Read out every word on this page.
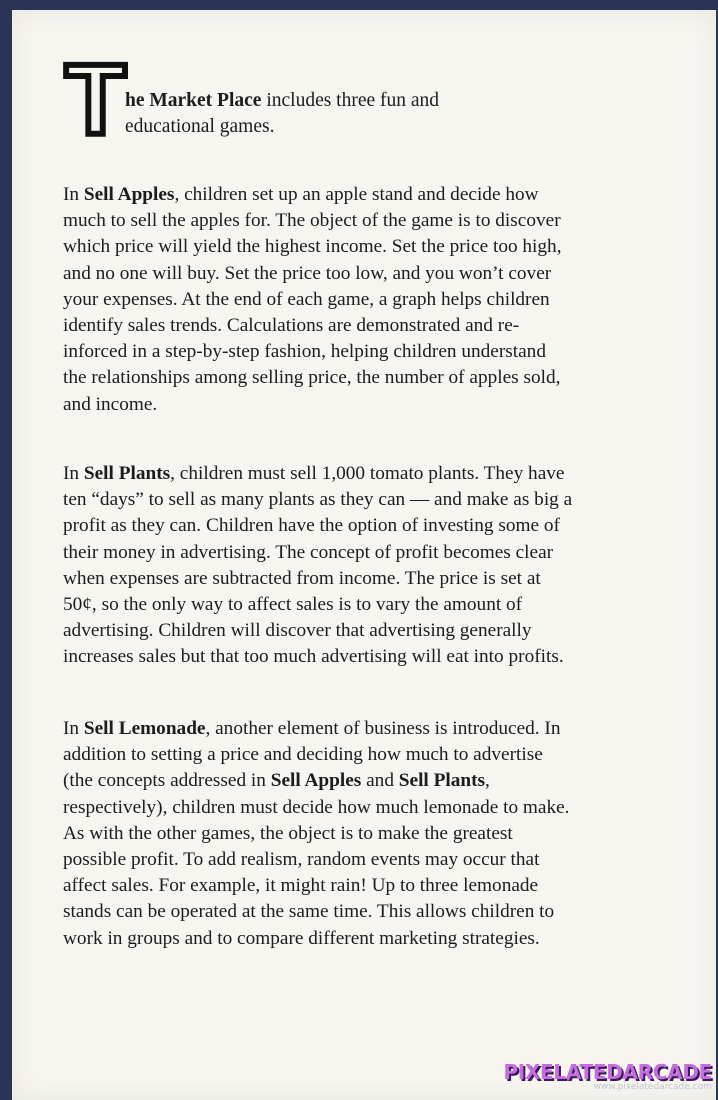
T
he Market Place includes three fun and
educational games.

In Sell Apples, children set up an apple stand and decide how
much to sell the apples for. The object of the game is to discover
which price will yield the highest income. Set the price too high,
and no one will buy. Set the price too low, and you won’t cover
your expenses. At the end of each game, a graph helps children
identify sales trends. Calculations are demonstrated and re-
inforced in a step-by-step fashion, helping children understand
the relationships among selling price, the number of apples sold,
and income.

In Sell Plants, children must sell 1,000 tomato plants. They have
ten “days” to sell as many plants as they can — and make as big a
profit as they can. Children have the option of investing some of
their money in advertising. The concept of profit becomes clear
when expenses are subtracted from income. The price is set at
50¢, so the only way to affect sales is to vary the amount of
advertising. Children will discover that advertising generally
increases sales but that too much advertising will eat into profits.

In Sell Lemonade, another element of business is introduced. In
addition to setting a price and deciding how much to advertise
(the concepts addressed in Sell Apples and Sell Plants,
respectively), children must decide how much lemonade to make.
As with the other games, the object is to make the greatest
possible profit. To add realism, random events may occur that
affect sales. For example, it might rain! Up to three lemonade
stands can be operated at the same time. This allows children to
work in groups and to compare different marketing strategies.

PIXELATEDARCADE
www.pixelatedarcade.com
